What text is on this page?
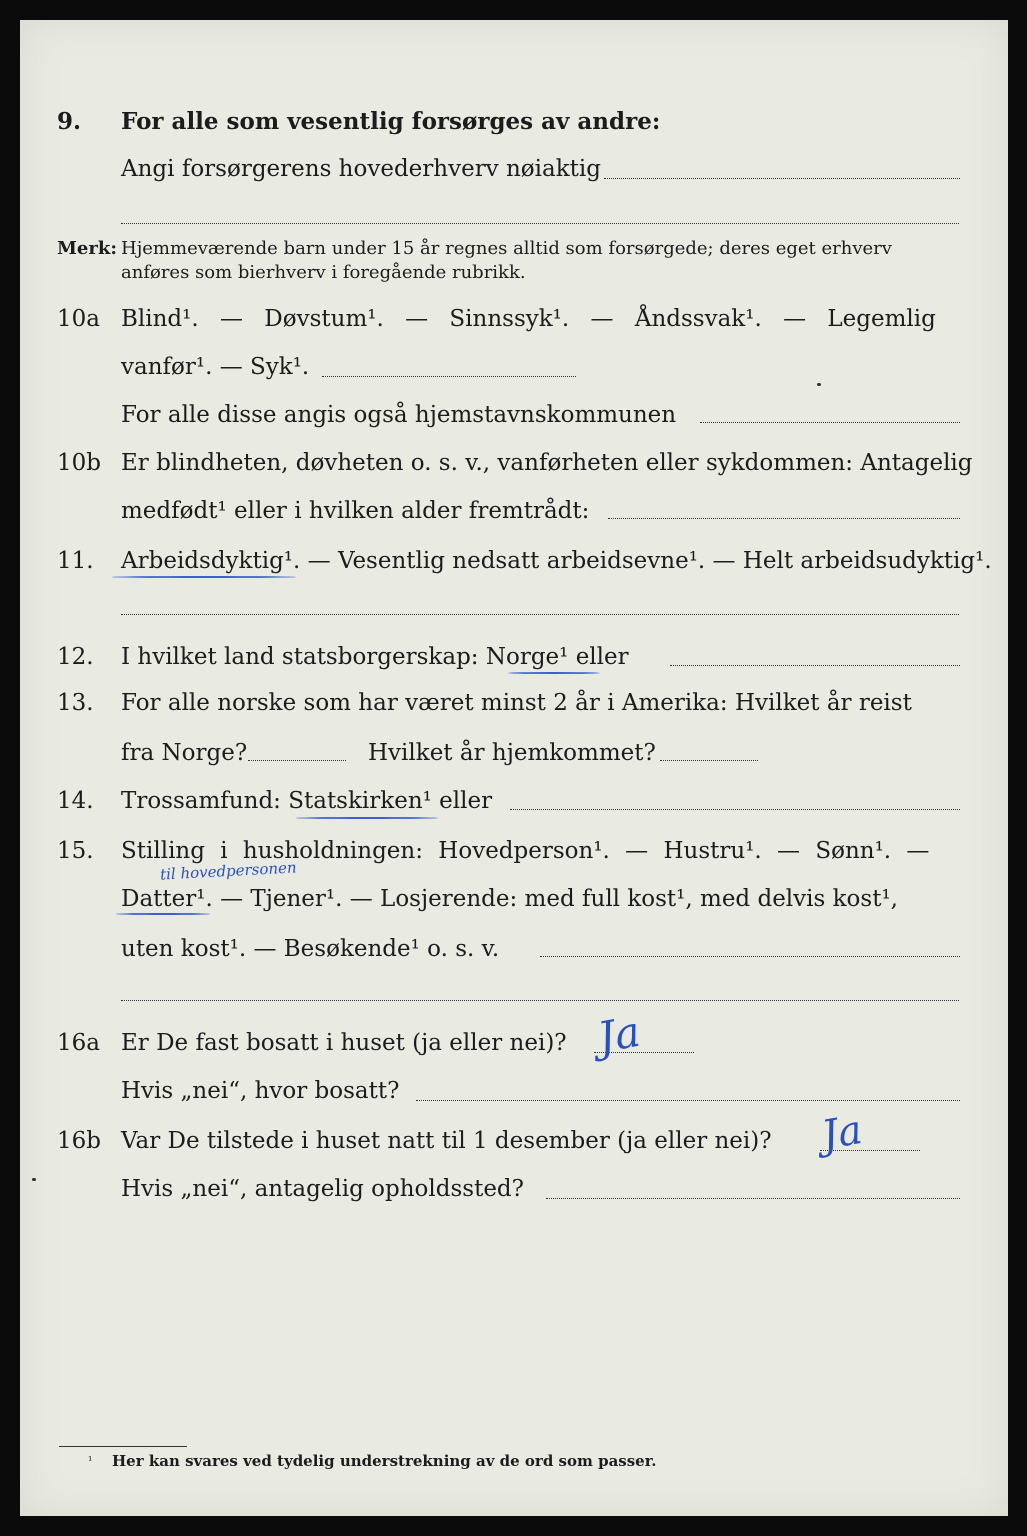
9. For alle som vesentlig forsørges av andre:
Angi forsørgerens hovederhverv nøiaktig
Merk: Hjemmeværende barn under 15 år regnes alltid som forsørgede; deres eget erhverv
anføres som bierhverv i foregående rubrikk.
10a Blind¹. — Døvstum¹. — Sinnssyk¹. — Åndssvak¹. — Legemlig
vanfør¹. — Syk¹.
For alle disse angis også hjemstavnskommunen
10b Er blindheten, døvheten o. s. v., vanførheten eller sykdommen: Antagelig
medfødt¹ eller i hvilken alder fremtrådt:
11. Arbeidsdyktig¹. — Vesentlig nedsatt arbeidsevne¹. — Helt arbeidsudyktig¹.
12. I hvilket land statsborgerskap: Norge¹ eller
13. For alle norske som har været minst 2 år i Amerika: Hvilket år reist
fra Norge?	Hvilket år hjemkommet?
14. Trossamfund: Statskirken¹ eller
15. Stilling i husholdningen: Hovedperson¹. — Hustru¹. — Sønn¹. —
til hovedpersonen
Datter¹. — Tjener¹. — Losjerende: med full kost¹, med delvis kost¹,
uten kost¹. — Besøkende¹ o. s. v.
16a Er De fast bosatt i huset (ja eller nei)? Ja
Hvis „nei“, hvor bosatt?
16b Var De tilstede i huset natt til 1 desember (ja eller nei)? Ja
Hvis „nei“, antagelig opholdssted?
¹ Her kan svares ved tydelig understrekning av de ord som passer.
